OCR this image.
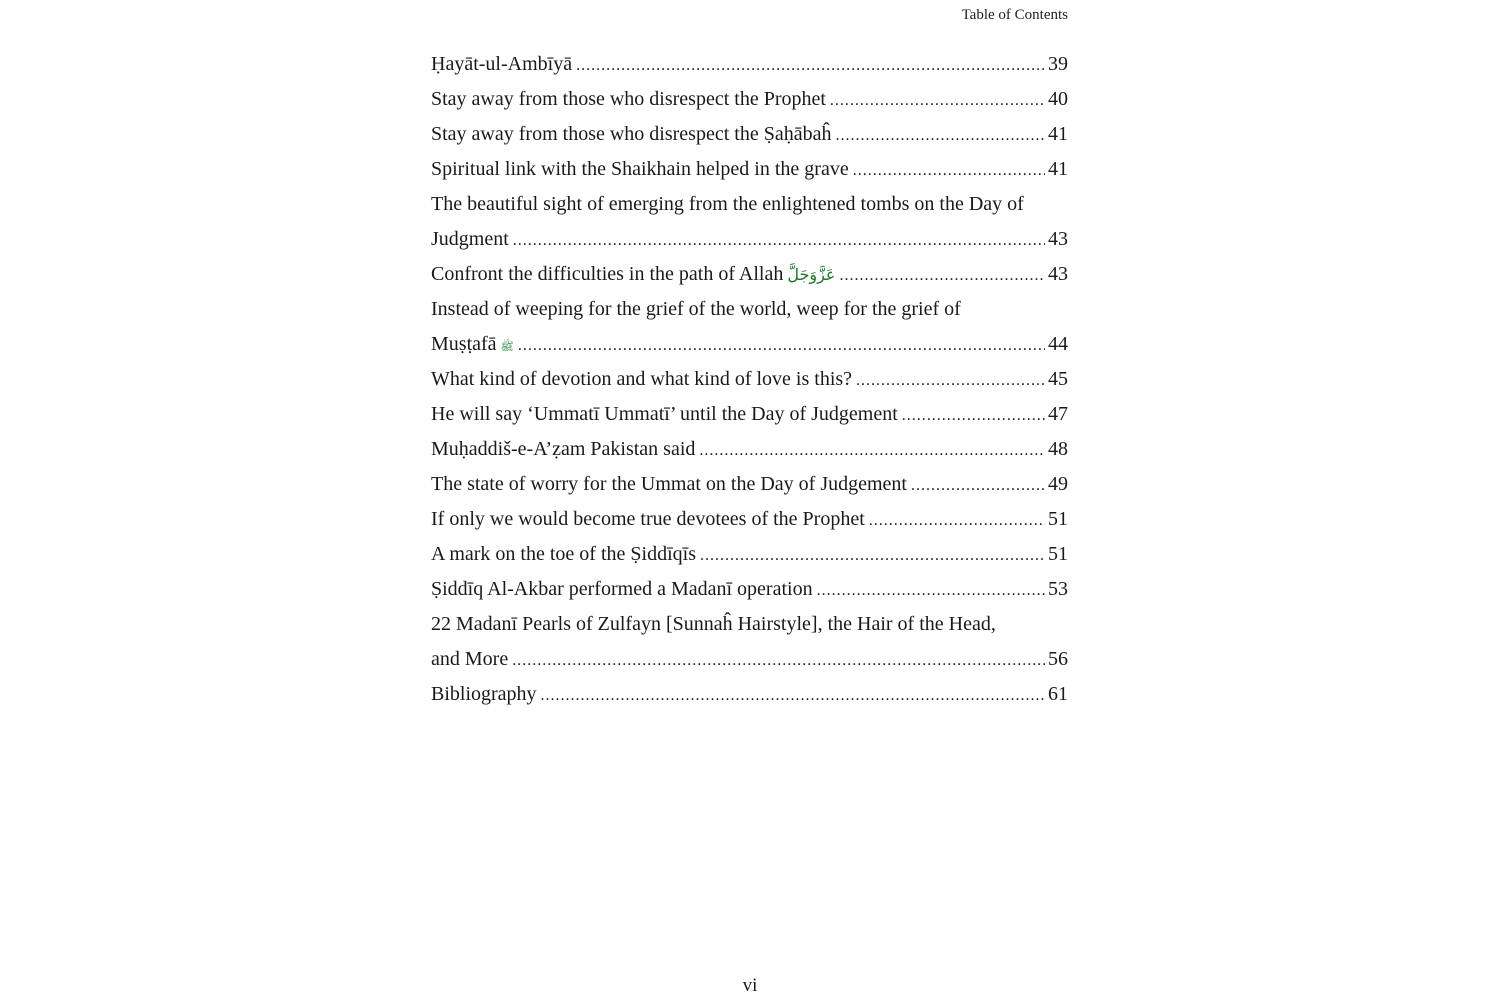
Table of Contents
Ḥayāt-ul-Ambīyā .....	39
Stay away from those who disrespect the Prophet .....	40
Stay away from those who disrespect the Ṣaḥābaĥ .....	41
Spiritual link with the Shaikhain helped in the grave .....	41
The beautiful sight of emerging from the enlightened tombs on the Day of
Judgment .....	43
Confront the difficulties in the path of Allah عَزَّوَجَلَّ .....	43
Instead of weeping for the grief of the world, weep for the grief of
Muṣṭafā ﷺ .....	44
What kind of devotion and what kind of love is this? .....	45
He will say ‘Ummatī Ummatī’ until the Day of Judgement .....	47
Muḥaddiš-e-A’ẓam Pakistan said .....	48
The state of worry for the Ummat on the Day of Judgement .....	49
If only we would become true devotees of the Prophet .....	51
A mark on the toe of the Ṣiddīqīs .....	51
Ṣiddīq Al-Akbar performed a Madanī operation .....	53
22 Madanī Pearls of Zulfayn [Sunnaĥ Hairstyle], the Hair of the Head,
and More .....	56
Bibliography .....	61
vi
